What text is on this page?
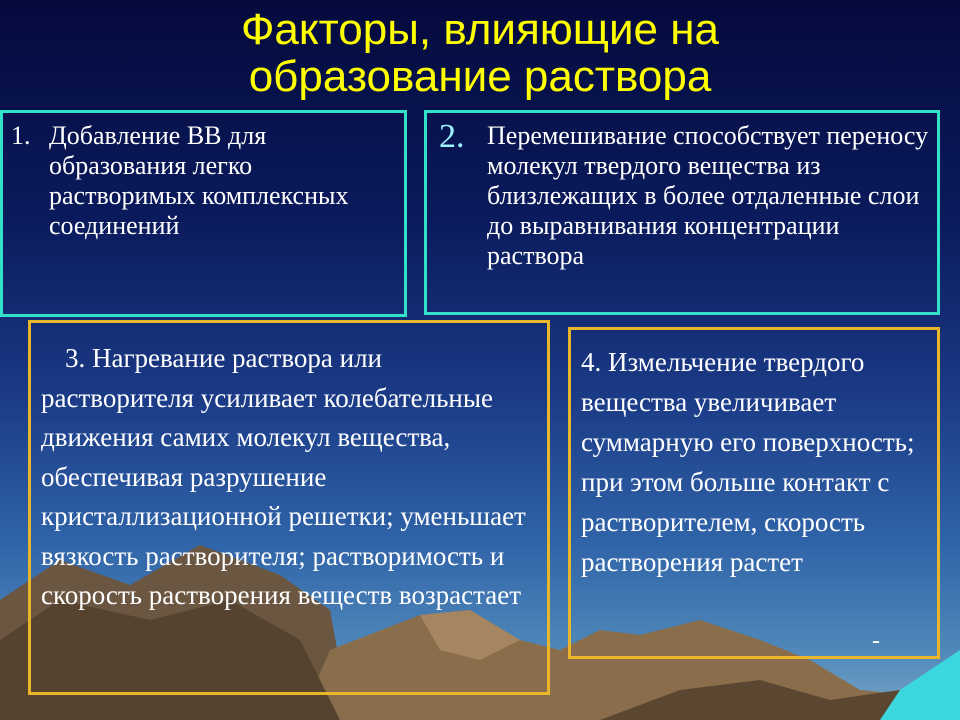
Факторы, влияющие на
образование раствора
1. Добавление ВВ для образования легко растворимых комплексных соединений
2. Перемешивание способствует переносу молекул твердого вещества из близлежащих в более отдаленные слои до выравнивания концентрации раствора
3. Нагревание раствора или растворителя усиливает колебательные движения самих молекул вещества, обеспечивая разрушение кристаллизационной решетки; уменьшает вязкость растворителя; растворимость и скорость растворения веществ возрастает
4. Измельчение твердого вещества увеличивает суммарную его поверхность; при этом больше контакт с растворителем, скорость растворения растет
-
